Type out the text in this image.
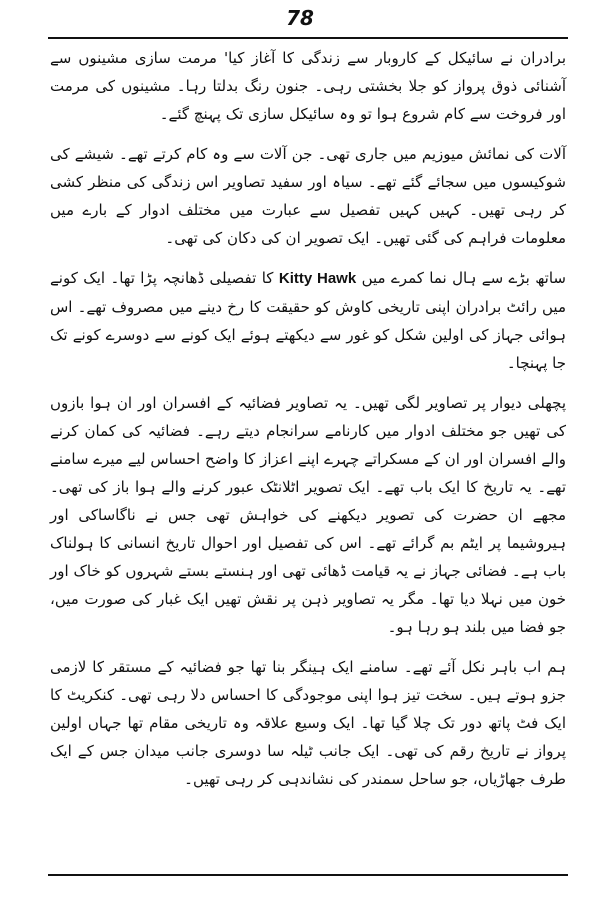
78

برادران نے سائیکل کے کاروبار سے زندگی کا آغاز کیا' مرمت سازی مشینوں سے آشنائی ذوق پرواز کو جلا بخشتی رہی۔ جنون رنگ بدلتا رہا۔ مشینوں کی مرمت اور فروخت سے کام شروع ہوا تو وہ سائیکل سازی تک پہنچ گئے۔

آلات کی نمائش میوزیم میں جاری تھی۔ جن آلات سے وہ کام کرتے تھے۔ شیشے کی شوکیسوں میں سجائے گئے تھے۔ سیاہ اور سفید تصاویر اس زندگی کی منظر کشی کر رہی تھیں۔ کہیں کہیں تفصیل سے عبارت میں مختلف ادوار کے بارے میں معلومات فراہم کی گئی تھیں۔ ایک تصویر ان کی دکان کی تھی۔

ساتھ بڑے سے ہال نما کمرے میں Kitty Hawk کا تفصیلی ڈھانچہ پڑا تھا۔ ایک کونے میں رائٹ برادران اپنی تاریخی کاوش کو حقیقت کا رخ دینے میں مصروف تھے۔ اس ہوائی جہاز کی اولین شکل کو غور سے دیکھتے ہوئے ایک کونے سے دوسرے کونے تک جا پہنچا۔

پچھلی دیوار پر تصاویر لگی تھیں۔ یہ تصاویر فضائیہ کے افسران اور ان ہوا بازوں کی تھیں جو مختلف ادوار میں کارنامے سرانجام دیتے رہے۔ فضائیہ کی کمان کرنے والے افسران اور ان کے مسکراتے چہرے اپنے اعزاز کا واضح احساس لیے میرے سامنے تھے۔ یہ تاریخ کا ایک باب تھے۔ ایک تصویر اٹلانٹک عبور کرنے والے ہوا باز کی تھی۔ مجھے ان حضرت کی تصویر دیکھنے کی خواہش تھی جس نے ناگاساکی اور ہیروشیما پر ایٹم بم گرائے تھے۔ اس کی تفصیل اور احوال تاریخ انسانی کا ہولناک باب ہے۔ فضائی جہاز نے یہ قیامت ڈھائی تھی اور ہنستے بستے شہروں کو خاک اور خون میں نہلا دیا تھا۔ مگر یہ تصاویر ذہن پر نقش تھیں ایک غبار کی صورت میں، جو فضا میں بلند ہو رہا ہو۔

ہم اب باہر نکل آئے تھے۔ سامنے ایک ہینگر بنا تھا جو فضائیہ کے مستقر کا لازمی جزو ہوتے ہیں۔ سخت تیز ہوا اپنی موجودگی کا احساس دلا رہی تھی۔ کنکریٹ کا ایک فٹ پاتھ دور تک چلا گیا تھا۔ ایک وسیع علاقہ وہ تاریخی مقام تھا جہاں اولین پرواز نے تاریخ رقم کی تھی۔ ایک جانب ٹیلہ سا دوسری جانب میدان جس کے ایک طرف جھاڑیاں، جو ساحل سمندر کی نشاندہی کر رہی تھیں۔
